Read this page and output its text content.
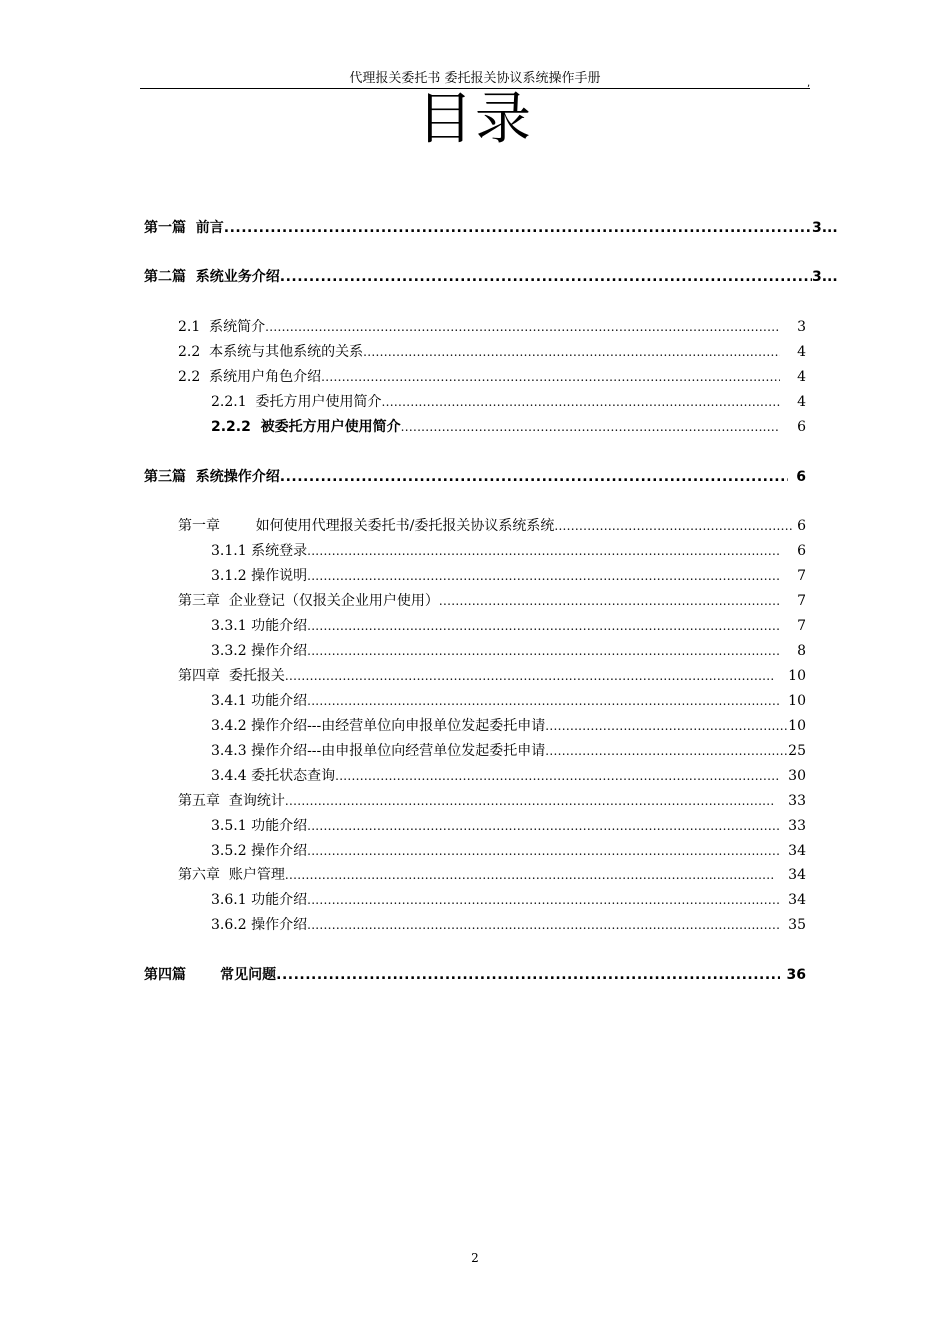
代理报关委托书 委托报关协议系统操作手册	,
目录
第一篇  前言 .....	3...
第二篇  系统业务介绍 .....	3...
2.1  系统简介 .....	3
2.2  本系统与其他系统的关系 .....	4
2.2  系统用户角色介绍 .....	4
2.2.1  委托方用户使用简介 .....	4
2.2.2  被委托方用户使用简介 .....	6
第三篇  系统操作介绍 .....	6
第一章        如何使用代理报关委托书/委托报关协议系统系统 .....	6
3.1.1 系统登录 .....	6
3.1.2 操作说明 .....	7
第三章  企业登记（仅报关企业用户使用） .....	7
3.3.1 功能介绍 .....	7
3.3.2 操作介绍 .....	8
第四章  委托报关 .....	10
3.4.1 功能介绍 .....	10
3.4.2 操作介绍---由经营单位向申报单位发起委托申请 .....	10
3.4.3 操作介绍---由申报单位向经营单位发起委托申请 .....	25
3.4.4 委托状态查询 .....	30
第五章  查询统计 .....	33
3.5.1 功能介绍 .....	33
3.5.2 操作介绍 .....	34
第六章  账户管理 .....	34
3.6.1 功能介绍 .....	34
3.6.2 操作介绍 .....	35
第四篇       常见问题 .....	36
2
